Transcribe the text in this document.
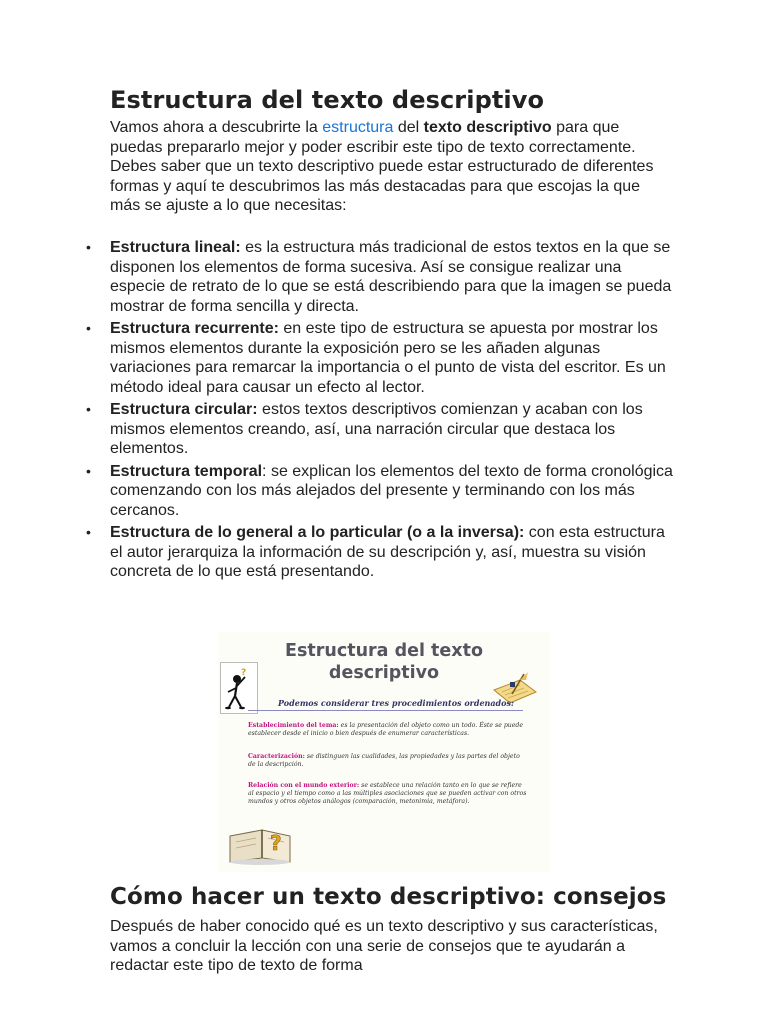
Estructura del texto descriptivo
Vamos ahora a descubrirte la estructura del texto descriptivo para que puedas prepararlo mejor y poder escribir este tipo de texto correctamente. Debes saber que un texto descriptivo puede estar estructurado de diferentes formas y aquí te descubrimos las más destacadas para que escojas la que más se ajuste a lo que necesitas:
• Estructura lineal: es la estructura más tradicional de estos textos en la que se disponen los elementos de forma sucesiva. Así se consigue realizar una especie de retrato de lo que se está describiendo para que la imagen se pueda mostrar de forma sencilla y directa.
• Estructura recurrente: en este tipo de estructura se apuesta por mostrar los mismos elementos durante la exposición pero se les añaden algunas variaciones para remarcar la importancia o el punto de vista del escritor. Es un método ideal para causar un efecto al lector.
• Estructura circular: estos textos descriptivos comienzan y acaban con los mismos elementos creando, así, una narración circular que destaca los elementos.
• Estructura temporal: se explican los elementos del texto de forma cronológica comenzando con los más alejados del presente y terminando con los más cercanos.
• Estructura de lo general a lo particular (o a la inversa): con esta estructura el autor jerarquiza la información de su descripción y, así, muestra su visión concreta de lo que está presentando.
Estructura del texto
descriptivo
?
Podemos considerar tres procedimientos ordenados:
Establecimiento del tema: es la presentación del objeto como un todo. Éste se puede establecer desde el inicio o bien después de enumerar características.
Caracterización: se distinguen las cualidades, las propiedades y las partes del objeto de la descripción.
Relación con el mundo exterior: se establece una relación tanto en lo que se refiere al espacio y el tiempo como a las múltiples asociaciones que se pueden activar con otros mundos y otros objetos análogos (comparación, metonimia, metáfora).
?
Cómo hacer un texto descriptivo: consejos
Después de haber conocido qué es un texto descriptivo y sus características, vamos a concluir la lección con una serie de consejos que te ayudarán a redactar este tipo de texto de forma
